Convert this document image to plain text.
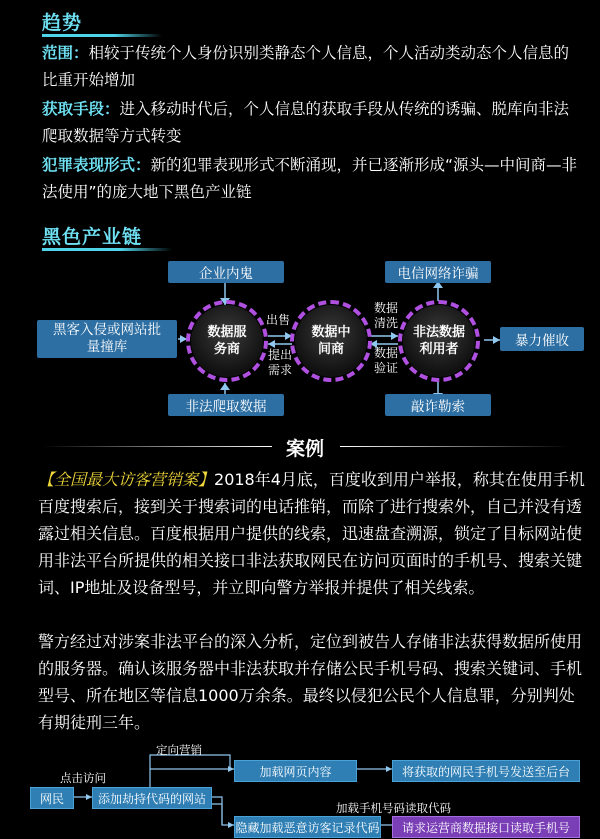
趋势
范围：相较于传统个人身份识别类静态个人信息，个人活动类动态个人信息的比重开始增加
获取手段：进入移动时代后，个人信息的获取手段从传统的诱骗、脱库向非法爬取数据等方式转变
犯罪表现形式：新的犯罪表现形式不断涌现，并已逐渐形成“源头—中间商—非法使用”的庞大地下黑色产业链
黑色产业链
企业内鬼
黑客入侵或网站批量撞库
非法爬取数据
数据服务商
数据中间商
非法数据利用者
出售
提出需求
数据清洗
数据验证
电信网络诈骗
敲诈勒索
暴力催收
案例
【全国最大访客营销案】2018年4月底，百度收到用户举报，称其在使用手机百度搜索后，接到关于搜索词的电话推销，而除了进行搜索外，自己并没有透露过相关信息。百度根据用户提供的线索，迅速盘查溯源，锁定了目标网站使用非法平台所提供的相关接口非法获取网民在访问页面时的手机号、搜索关键词、IP地址及设备型号，并立即向警方举报并提供了相关线索。
警方经过对涉案非法平台的深入分析，定位到被告人存储非法获得数据所使用的服务器。确认该服务器中非法获取并存储公民手机号码、搜索关键词、手机型号、所在地区等信息1000万余条。最终以侵犯公民个人信息罪，分别判处有期徒刑三年。
网民
点击访问
添加劫持代码的网站
定向营销
加载网页内容	将获取的网民手机号发送至后台
加载手机号码读取代码
隐藏加载恶意访客记录代码	请求运营商数据接口读取手机号
